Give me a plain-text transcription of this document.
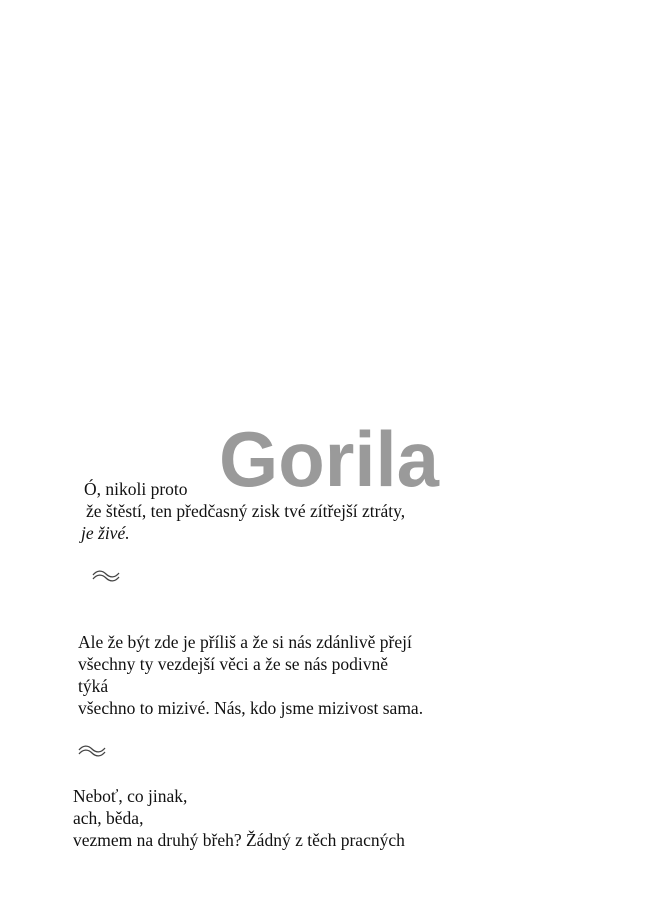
Gorila
Ó, nikoli proto
že štěstí, ten předčasný zisk tvé zítřejší ztráty,
je živé.
Ale že být zde je příliš a že si nás zdánlivě přejí
všechny ty vezdejší věci a že se nás podivně
týká
všechno to mizivé. Nás, kdo jsme mizivost sama.
Neboť, co jinak,
ach, běda,
vezmem na druhý břeh? Žádný z těch pracných
